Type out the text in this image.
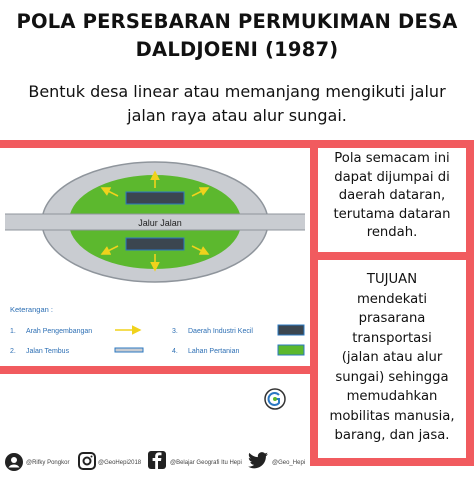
POLA PERSEBARAN PERMUKIMAN DESA
DALDJOENI (1987)
Bentuk desa linear atau memanjang mengikuti jalur
jalan raya atau alur sungai.
Jalur Jalan
Keterangan :
1. Arah Pengembangan
2. Jalan Tembus
3. Daerah Industri Kecil
4. Lahan Pertanian
Pola semacam ini
dapat dijumpai di
daerah dataran,
terutama dataran
rendah.
TUJUAN
mendekati
prasarana
transportasi
(jalan atau alur
sungai) sehingga
memudahkan
mobilitas manusia,
barang, dan jasa.
@Rifky Pongkor	@GeoHepi2018	@Belajar Geografi Itu Hepi	@Geo_Hepi
